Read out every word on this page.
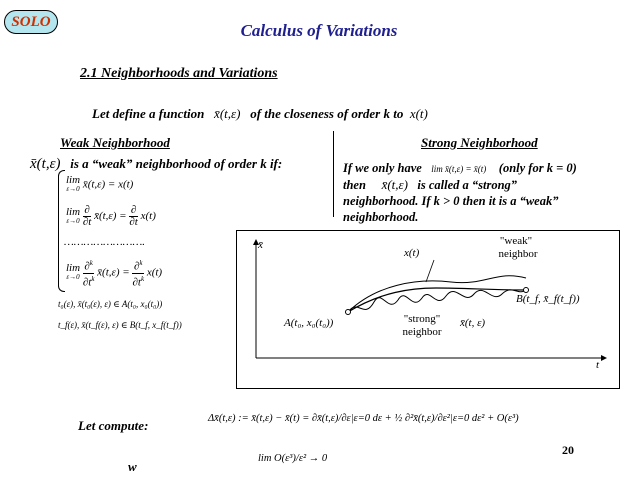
SOLO	Calculus of Variations
2.1 Neighborhoods and Variations
Let define a function x̄(t,ε) of the closeness of order k to x(t)
Weak Neighborhood	Strong Neighborhood
x̄(t,ε) is a “weak” neighborhood of order k if:
lim
ε→0 x̄(t,ε) = x(t)
lim
ε→0
$\frac{\partial}{\partial t}$ x̄(t,ε) = $\frac{\partial}{\partial t} x(t)$
…………………….
lim
ε→0
$\frac{\partial^k}{\partial t^k}$ x̄(t,ε) = $\frac{\partial^k}{\partial t^k} x(t)$
t₀(ε), x̄(t₀(ε), ε) ∈ A(t₀, x₀(t₀))
t_f(ε), x̄(t_f(ε), ε) ∈ B(t_f, x_f(t_f))
If we only have lim x̄(t,ε) = x̄(t) (only for k = 0)
then x̄(t,ε) is called a “strong”
neighborhood. If k > 0 then it is a “weak”
neighborhood.
x̄
t
"weak"
neighbor
x(t)
"strong"
neighbor
x̄(t, ε)
A(t₀, x₀(t₀))
B(t_f, x̄_f(t_f))
Let compute:	Δx̄(t,ε) := x̄(t,ε) − x̄(t) = ∂x̄(t,ε)/∂ε|ε=0 dε + ½ ∂²x̄(t,ε)/∂ε²|ε=0 dε² + O(ε³)
20
w
lim O(ε³)/ε² → 0
